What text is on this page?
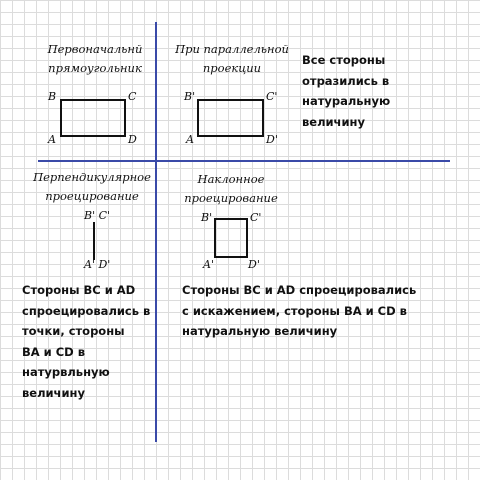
Первоначальнй
прямоугольник
B	C
A	D
При параллельной
проекции
B'	C'
A	D'
Все стороны
отразились в
натуральную
величину
Перпендикулярное
проецирование
B' C'
A' D'
Стороны BC и AD
спроецировались в
точки, стороны
BA и CD в
натурвльную
величину
Наклонное
проецирование
B'	C'
A'	D'
Стороны BC и AD спроецировались
с искажением, стороны BA и CD в
натуральную величину
